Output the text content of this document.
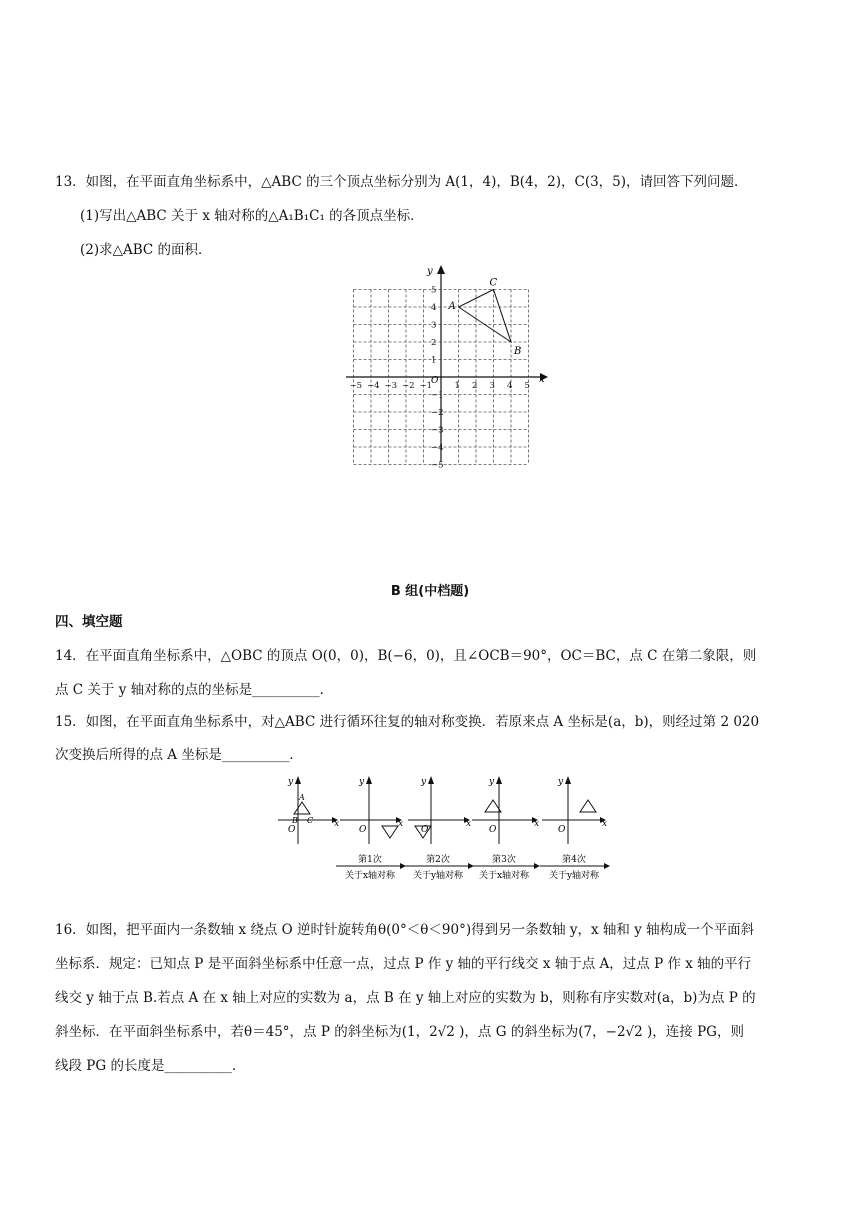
13．如图，在平面直角坐标系中，△ABC 的三个顶点坐标分别为 A(1，4)，B(4，2)，C(3，5)，请回答下列问题．
(1)写出△ABC 关于 x 轴对称的△A₁B₁C₁ 的各顶点坐标．
(2)求△ABC 的面积．
x
y
O
−5 −4 −3 −2 −1	1 2 3 4 5
5
4
3
2
1
−1
−2
−3
−4
−5
A
B
C
B 组(中档题)
四、填空题
14．在平面直角坐标系中，△OBC 的顶点 O(0，0)，B(−6，0)，且∠OCB＝90°，OC＝BC，点 C 在第二象限，则
点 C 关于 y 轴对称的点的坐标是__________．
15．如图，在平面直角坐标系中，对△ABC 进行循环往复的轴对称变换．若原来点 A 坐标是(a，b)，则经过第 2 020
次变换后所得的点 A 坐标是__________．
x
y
O
A
B C	x
y
O
x
y
O
x
y
O
x
y
O
第1次
关于x轴对称
第2次
关于y轴对称
第3次
关于x轴对称
第4次
关于y轴对称
16．如图，把平面内一条数轴 x 绕点 O 逆时针旋转角θ(0°＜θ＜90°)得到另一条数轴 y，x 轴和 y 轴构成一个平面斜
坐标系．规定：已知点 P 是平面斜坐标系中任意一点，过点 P 作 y 轴的平行线交 x 轴于点 A，过点 P 作 x 轴的平行
线交 y 轴于点 B.若点 A 在 x 轴上对应的实数为 a，点 B 在 y 轴上对应的实数为 b，则称有序实数对(a，b)为点 P 的
斜坐标．在平面斜坐标系中，若θ＝45°，点 P 的斜坐标为(1，2√2 )，点 G 的斜坐标为(7，−2√2 )，连接 PG，则
线段 PG 的长度是__________．
